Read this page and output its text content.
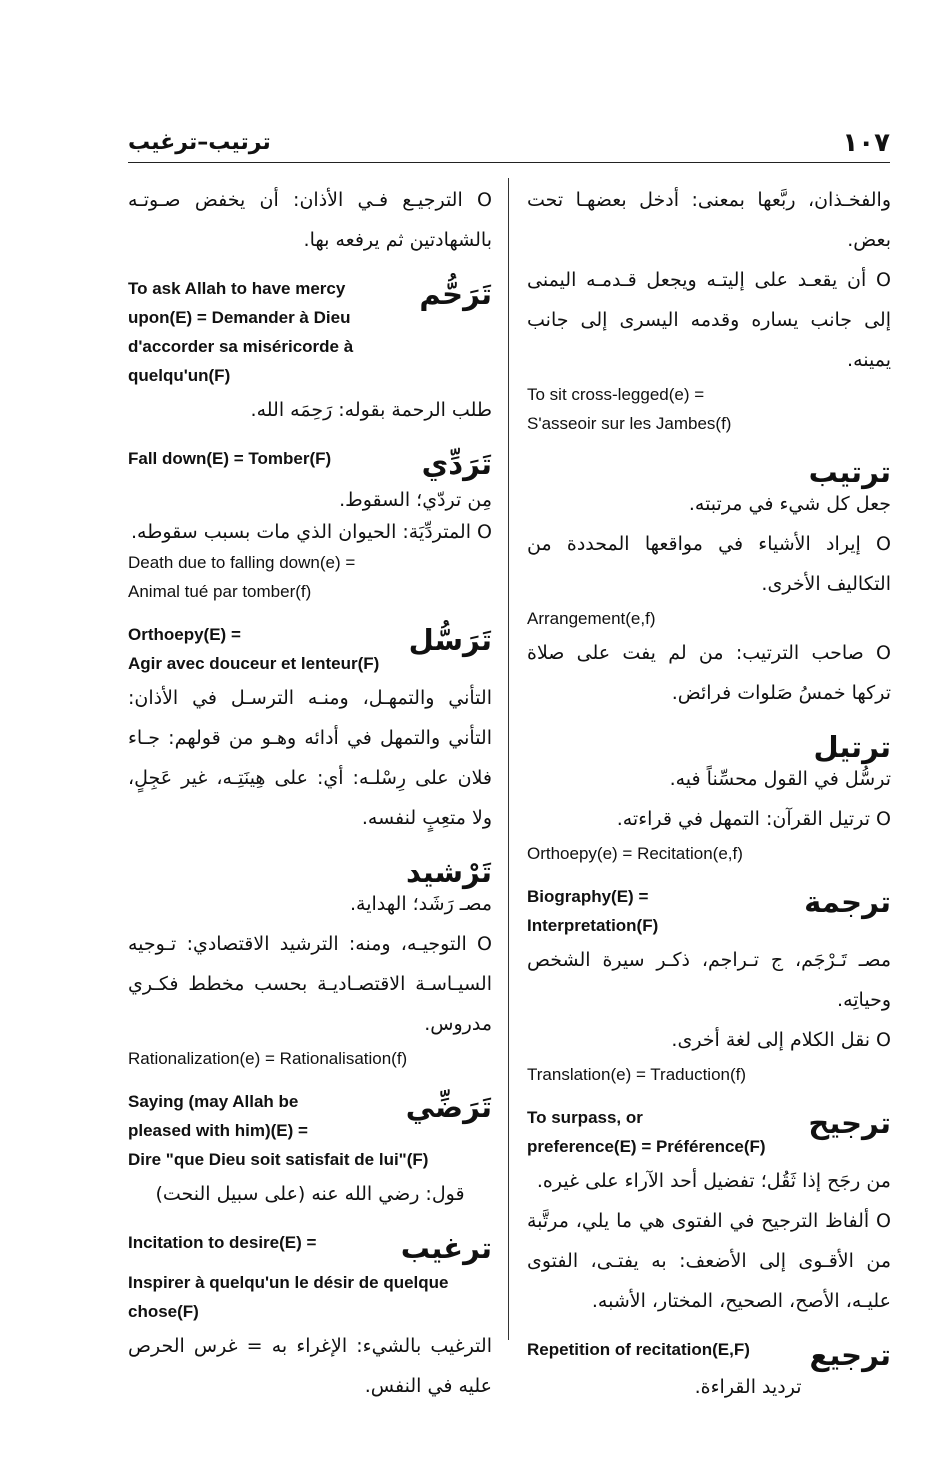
١٠٧
ترتيب–ترغيب
والفخـذان، ربَّعها بمعنى: أدخل بعضهـا تحت بعض.
O أن يقعـد على إليتـه ويجعل قـدمـه اليمنى إلى جانب يساره وقدمه اليسرى إلى جانب يمينه.
To sit cross-legged(e) =
S'asseoir sur les Jambes(f)
ترتيب
جعل كل شيء في مرتبته.
O إيراد الأشياء في مواقعها المحددة من التكاليف الأخرى.
Arrangement(e,f)
O صاحب الترتيب: من لم يفت على صلاة تركها خمسُ صَلوات فرائض.
ترتيل
ترسُّل في القول محسِّناً فيه.
O ترتيل القرآن: التمهل في قراءته.
Orthoepy(e) = Recitation(e,f)
ترجمة
Biography(E) =
Interpretation(F)
مصـ تَـرْجَم، ج تـراجم، ذكـر سيرة الشخص وحياتِه.
O نقل الكلام إلى لغة أخرى.
Translation(e) = Traduction(f)
ترجيح
To surpass, or
preference(E) = Préférence(F)
من رجَح إذا ثَقُل؛ تفضيل أحد الآراء على غيره.
O ألفاظ الترجيح في الفتوى هي ما يلي، مرتَّبة من الأقـوى إلى الأضعف: به يفتـى، الفتوى عليـه، الأصح، الصحيح، المختار، الأشبه.
ترجيع
Repetition of recitation(E,F)
ترديد القراءة.
O الترجيـع فـي الأذان: أن يخفض صـوتـه بالشهادتين ثم يرفعه بها.
تَرَحُّم
To ask Allah to have mercy
upon(E) = Demander à Dieu
d'accorder sa miséricorde à
quelqu'un(F)
طلب الرحمة بقوله: رَحِمَه الله.
تَرَدِّي
Fall down(E) = Tomber(F)
مِن تردّي؛ السقوط.
O المتردِّيَة: الحيوان الذي مات بسبب سقوطه.
Death due to falling down(e) =
Animal tué par tomber(f)
تَرَسُّل
Orthoepy(E) =
Agir avec douceur et lenteur(F)
التأني والتمهـل، ومنـه الترسـل في الأذان: التأني والتمهل في أدائه وهـو من قولهم: جـاء فلان على رِسْلـه: أي: على هِينَتِـه، غير عَجِلٍ، ولا متعِبٍ لنفسه.
تَرْشيد
مصـ رَشَد؛ الهداية.
O التوجيـه، ومنه: الترشيد الاقتصادي: تـوجيه السيـاسـة الاقتصـاديـة بحسب مخطط فكـري مدروس.
Rationalization(e) = Rationalisation(f)
تَرَضِّي
Saying (may Allah be
pleased with him)(E) =
Dire "que Dieu soit satisfait de lui"(F)
قول: رضي الله عنه (على سبيل النحت)
ترغيب
Incitation to desire(E) =
Inspirer à quelqu'un le désir de quelque
chose(F)
الترغيب بالشيء: الإغراء به = غرس الحرص عليه في النفس.
